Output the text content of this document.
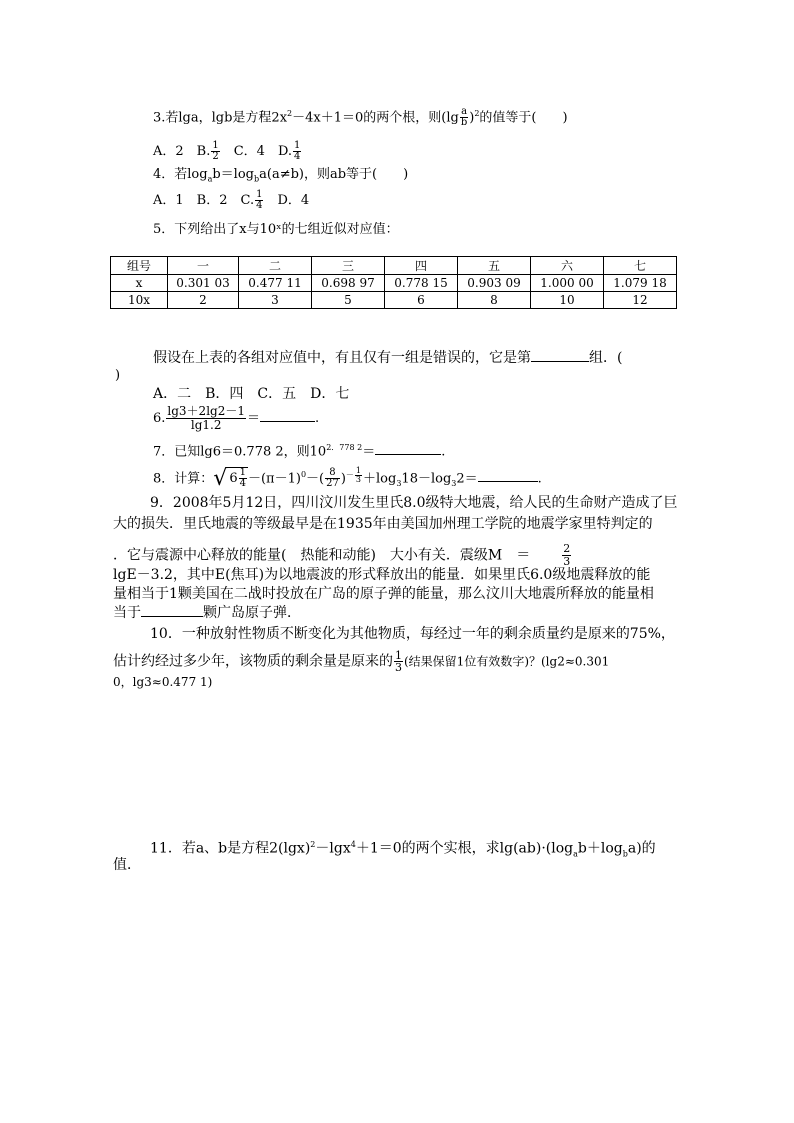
3.若lga，lgb是方程$2x^2-4x+1=0$的两个根，则$(\lg \frac{a}{b} )^2$的值等于(　　)
A．2　B. $\frac{1}{2}$ 　C．4　D. $\frac{1}{4}$
4．若$\log_ab=\log_ba(a\ne b)$，则ab等于(　　)
A．1　B．2　C. $\frac{1}{4}$ 　D．4
5．下列给出了x与10ˣ的七组近似对应值：
组号	一	二	三	四	五	六	七
x	0.301 03	0.477 11	0.698 97	0.778 15	0.903 09	1.000 00	1.079 18
10x	2	3	5	6	8	10	12
假设在上表的各组对应值中，有且仅有一组是错误的，它是第	组．(
)
A．二　B．四　C．五　D．七
6. $\frac{\lg 3+2\lg 2-1}{\lg 1.2}$ ＝	.
7．已知lg6＝0.778 2，则$10^{2.778 2}=$	.
8．计算：√ $6 \frac{1}{4} -(\pi-1)^0-( \frac{8}{27} )^{- \frac{1}{3}} +\log_318-\log_32=$	.
9．2008年5月12日，四川汶川发生里氏8.0级特大地震，给人民的生命财产造成了巨
大的损失．里氏地震的等级最早是在1935年由美国加州理工学院的地震学家里特判定的
．它与震源中心释放的能量(　热能和动能)　大小有关．震级M　＝	$\frac{2}{3}$
lgE－3.2，其中E(焦耳)为以地震波的形式释放出的能量．如果里氏6.0级地震释放的能
量相当于1颗美国在二战时投放在广岛的原子弹的能量，那么汶川大地震所释放的能量相
当于	颗广岛原子弹．
10．一种放射性物质不断变化为其他物质，每经过一年的剩余质量约是原来的75%，
估计约经过多少年，该物质的剩余量是原来的 $\frac{1}{3}$ (结果保留1位有效数字)？(lg2≈0.301
0，lg3≈0.477 1)
11．若a、b是方程$2(\lg x)^2-\lg x^4+1=0$的两个实根，求$\lg(ab)\cdot(\log_ab+\log_ba)$的
值．
